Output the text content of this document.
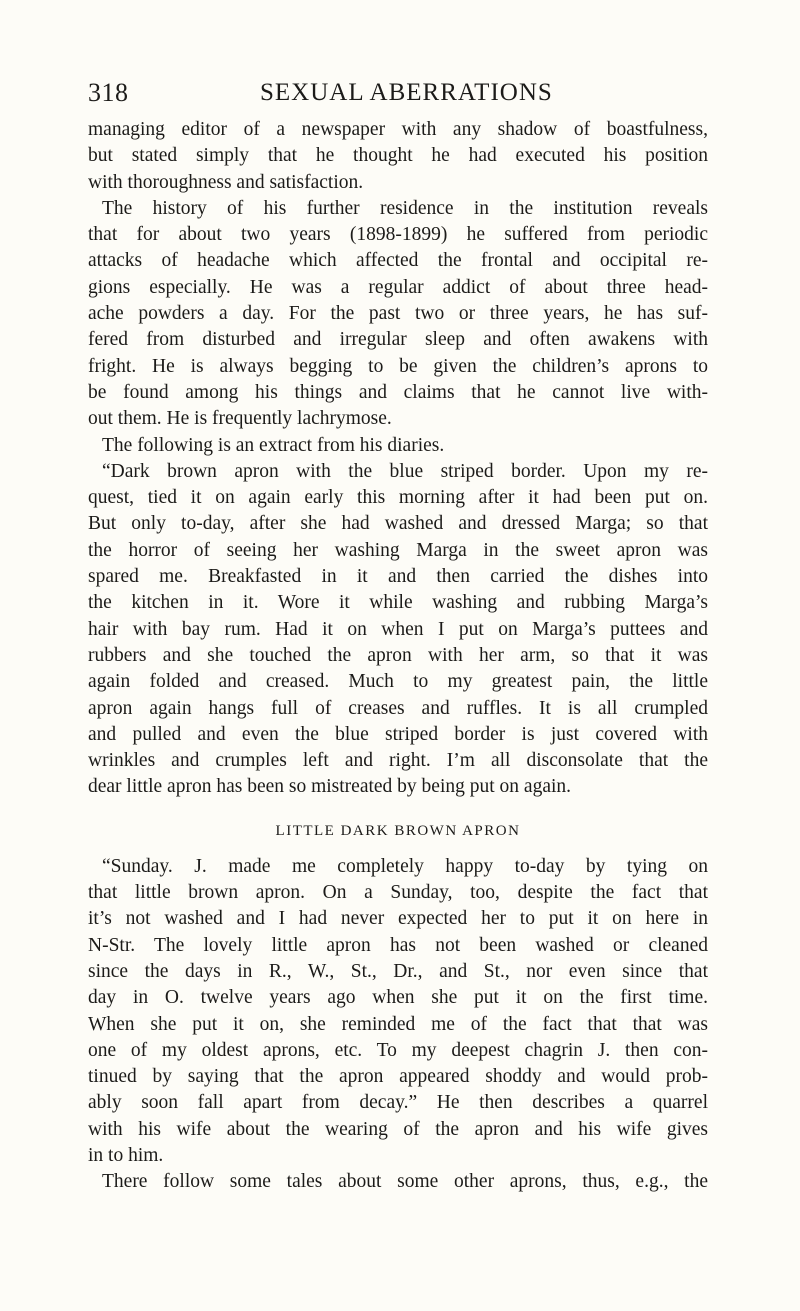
318	SEXUAL ABERRATIONS
managing editor of a newspaper with any shadow of boastfulness,
but stated simply that he thought he had executed his position
with thoroughness and satisfaction.
The history of his further residence in the institution reveals
that for about two years (1898-1899) he suffered from periodic
attacks of headache which affected the frontal and occipital re-
gions especially. He was a regular addict of about three head-
ache powders a day. For the past two or three years, he has suf-
fered from disturbed and irregular sleep and often awakens with
fright. He is always begging to be given the children’s aprons to
be found among his things and claims that he cannot live with-
out them. He is frequently lachrymose.
The following is an extract from his diaries.
“Dark brown apron with the blue striped border. Upon my re-
quest, tied it on again early this morning after it had been put on.
But only to-day, after she had washed and dressed Marga; so that
the horror of seeing her washing Marga in the sweet apron was
spared me. Breakfasted in it and then carried the dishes into
the kitchen in it. Wore it while washing and rubbing Marga’s
hair with bay rum. Had it on when I put on Marga’s puttees and
rubbers and she touched the apron with her arm, so that it was
again folded and creased. Much to my greatest pain, the little
apron again hangs full of creases and ruffles. It is all crumpled
and pulled and even the blue striped border is just covered with
wrinkles and crumples left and right. I’m all disconsolate that the
dear little apron has been so mistreated by being put on again.
LITTLE DARK BROWN APRON
“Sunday. J. made me completely happy to-day by tying on
that little brown apron. On a Sunday, too, despite the fact that
it’s not washed and I had never expected her to put it on here in
N-Str. The lovely little apron has not been washed or cleaned
since the days in R., W., St., Dr., and St., nor even since that
day in O. twelve years ago when she put it on the first time.
When she put it on, she reminded me of the fact that that was
one of my oldest aprons, etc. To my deepest chagrin J. then con-
tinued by saying that the apron appeared shoddy and would prob-
ably soon fall apart from decay.” He then describes a quarrel
with his wife about the wearing of the apron and his wife gives
in to him.
There follow some tales about some other aprons, thus, e.g., the
